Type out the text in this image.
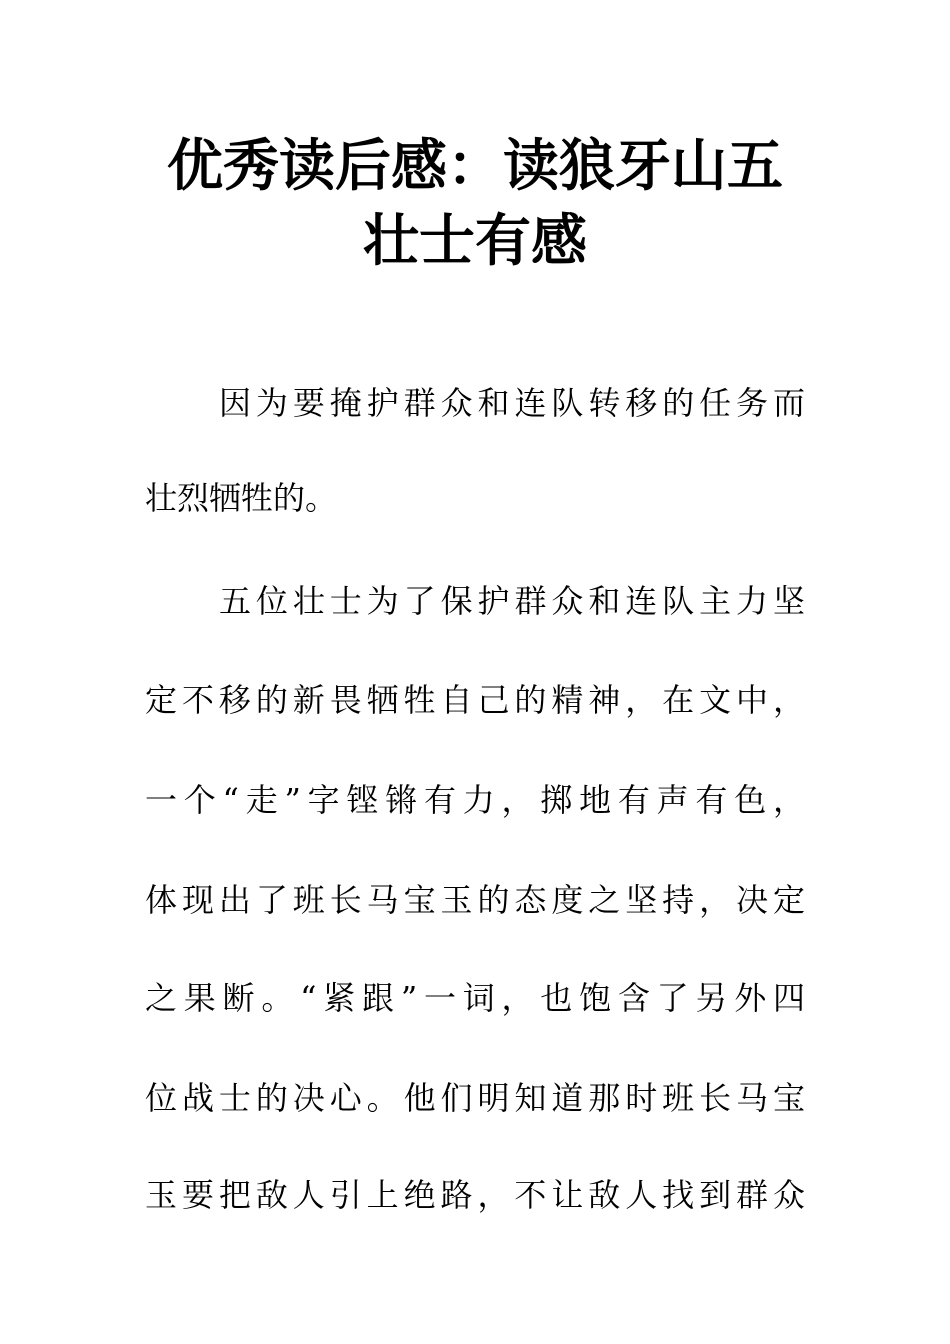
优秀读后感：读狼牙山五
壮士有感
因为要掩护群众和连队转移的任务而
壮烈牺牲的。
五位壮士为了保护群众和连队主力坚
定不移的新畏牺牲自己的精神，在文中，
一个“走”字铿锵有力，掷地有声有色，
体现出了班长马宝玉的态度之坚持，决定
之果断。“紧跟”一词，也饱含了另外四
位战士的决心。他们明知道那时班长马宝
玉要把敌人引上绝路，不让敌人找到群众
